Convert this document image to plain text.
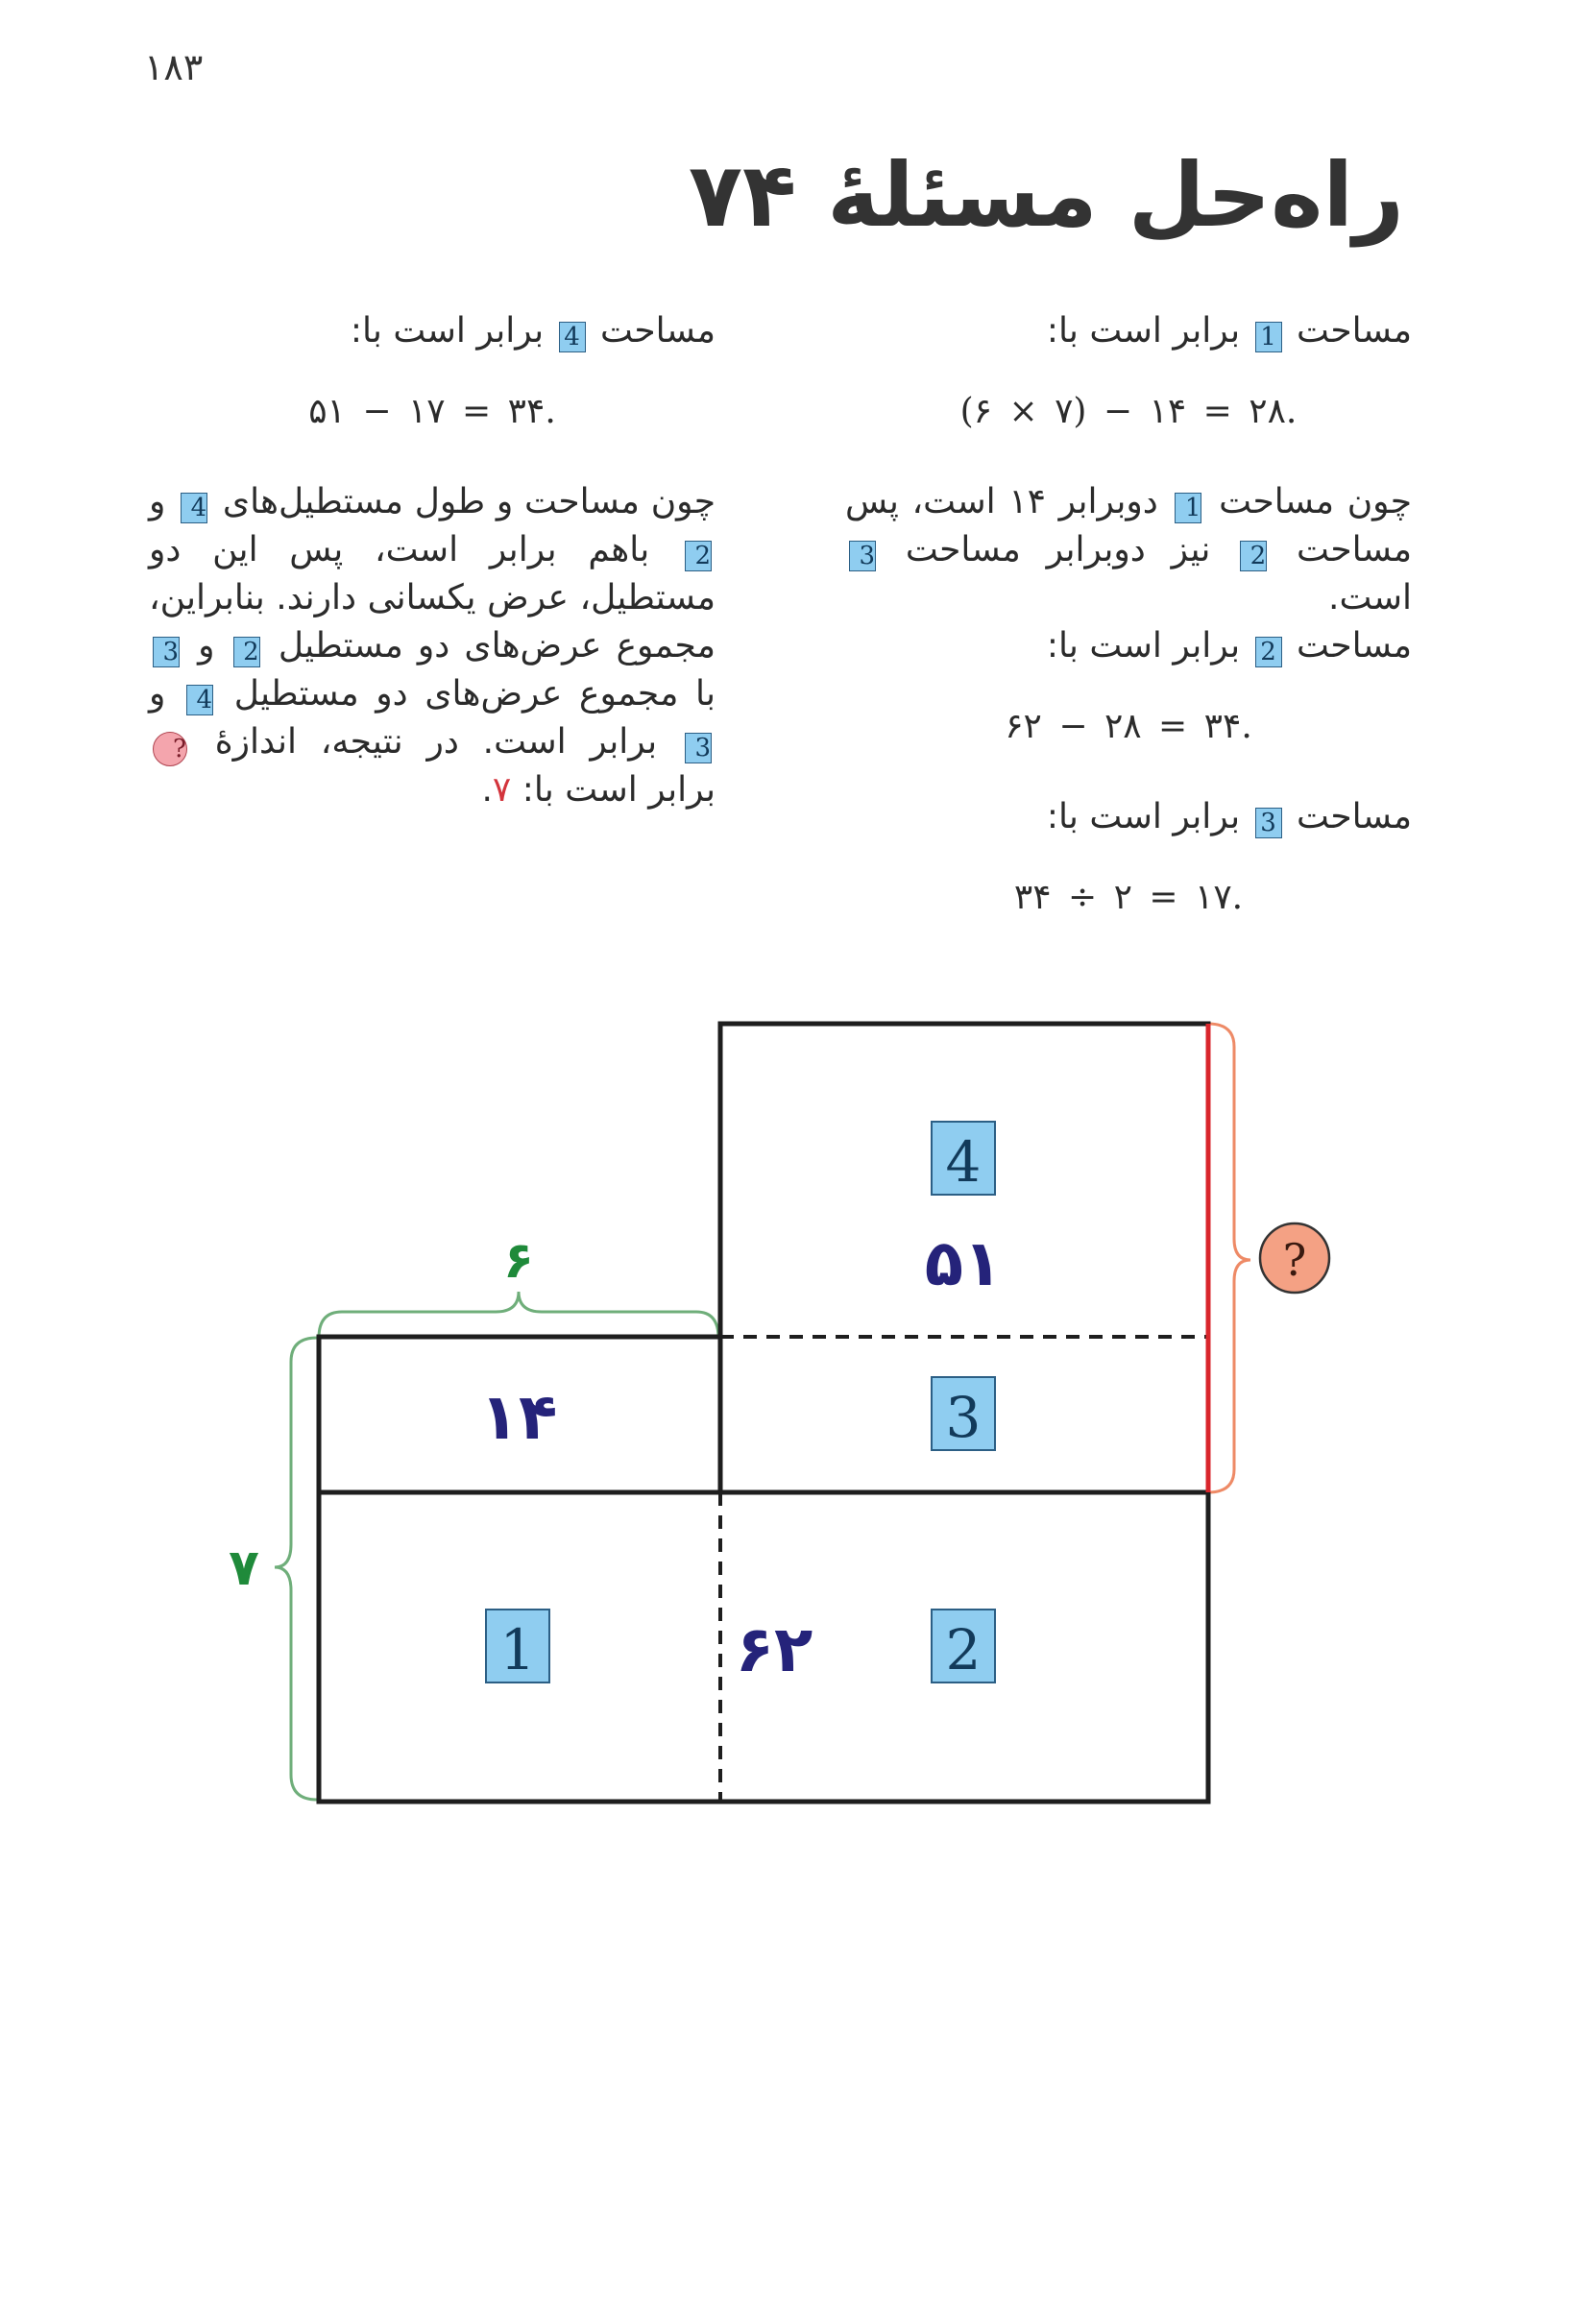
۱۸۳
راه‌حل مسئلهٔ ۷۴

مساحت 1 برابر است با:

(۶ × ۷) − ۱۴ = ۲۸.

چون مساحت 1 دوبرابر ۱۴ است، پس مساحت 2 نیز دوبرابر مساحت 3 است.

مساحت 2 برابر است با:

۶۲ − ۲۸ = ۳۴.

مساحت 3 برابر است با:

۳۴ ÷ ۲ = ۱۷.

مساحت 4 برابر است با:

۵۱ − ۱۷ = ۳۴.

چون مساحت و طول مستطیل‌های 4 و 2 باهم برابر است، پس این دو مستطیل، عرض یکسانی دارند. بنابراین، مجموع عرض‌های دو مستطیل 2 و 3 با مجموع عرض‌های دو مستطیل 4 و 3 برابر است. در نتیجه، اندازهٔ ? برابر است با: ۷.

4
3
1	2
۵۱
۱۴
۶۲
۶
۷
?
